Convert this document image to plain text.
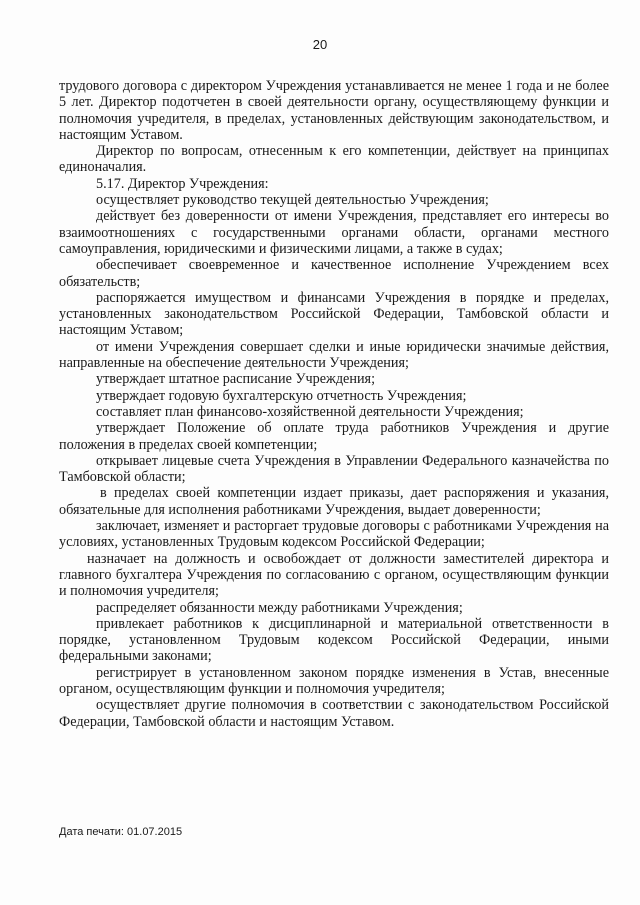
20

трудового договора с директором Учреждения устанавливается не менее 1 года и не более 5 лет. Директор подотчетен в своей деятельности органу, осуществляющему функции и полномочия учредителя, в пределах, установленных действующим законодательством, и настоящим Уставом.

Директор по вопросам, отнесенным к его компетенции, действует на принципах единоначалия.

5.17. Директор Учреждения:

осуществляет руководство текущей деятельностью Учреждения;

действует без доверенности от имени Учреждения, представляет его интересы во взаимоотношениях с государственными органами области, органами местного самоуправления, юридическими и физическими лицами, а также в судах;

обеспечивает своевременное и качественное исполнение Учреждением всех обязательств;

распоряжается имуществом и финансами Учреждения в порядке и пределах, установленных законодательством Российской Федерации, Тамбовской области и настоящим Уставом;

от имени Учреждения совершает сделки и иные юридически значимые действия, направленные на обеспечение деятельности Учреждения;

утверждает штатное расписание Учреждения;

утверждает годовую бухгалтерскую отчетность Учреждения;

составляет план финансово-хозяйственной деятельности Учреждения;

утверждает Положение об оплате труда работников Учреждения и другие положения в пределах своей компетенции;

открывает лицевые счета Учреждения в Управлении Федерального казначейства по Тамбовской области;

в пределах своей компетенции издает приказы, дает распоряжения и указания, обязательные для исполнения работниками Учреждения, выдает доверенности;

заключает, изменяет и расторгает трудовые договоры с работниками Учреждения на условиях, установленных Трудовым кодексом Российской Федерации;

назначает на должность и освобождает от должности заместителей директора и главного бухгалтера Учреждения по согласованию с органом, осуществляющим функции и полномочия учредителя;

распределяет обязанности между работниками Учреждения;

привлекает работников к дисциплинарной и материальной ответственности в порядке, установленном Трудовым кодексом Российской Федерации, иными федеральными законами;

регистрирует в установленном законом порядке изменения в Устав, внесенные органом, осуществляющим функции и полномочия учредителя;

осуществляет другие полномочия в соответствии с законодательством Российской Федерации, Тамбовской области и настоящим Уставом.

Дата печати: 01.07.2015
